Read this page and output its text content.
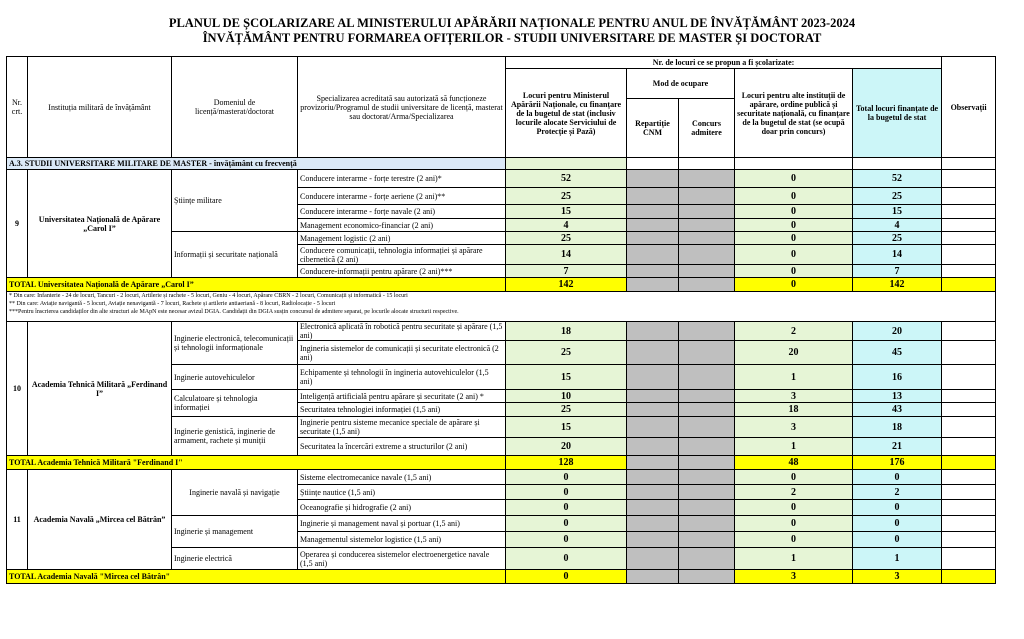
PLANUL DE ȘCOLARIZARE AL MINISTERULUI APĂRĂRII NAȚIONALE PENTRU ANUL DE ÎNVĂȚĂMÂNT 2023-2024
ÎNVĂȚĂMÂNT PENTRU FORMAREA OFIȚERILOR - STUDII UNIVERSITARE DE MASTER ȘI DOCTORAT
Nr. crt.	Instituția militară de învățământ	Domeniul de licență/masterat/doctorat	Specializarea acreditată sau autorizată să funcționeze provizoriu/Programul de studii universitare de licență, masterat sau doctorat/Arma/Specializarea	Nr. de locuri ce se propun a fi școlarizate:					Observații
				Locuri pentru Ministerul Apărării Naționale, cu finanțare de la bugetul de stat (inclusiv locurile alocate Serviciului de Protecție și Pază)	Mod de ocupare		Locuri pentru alte instituții de apărare, ordine publică și securitate națională, cu finanțare de la bugetul de stat (se ocupă doar prin concurs)	Total locuri finanțate de la bugetul de stat	
					Repartiție CNM	Concurs admitere			
A.3. STUDII UNIVERSITARE MILITARE DE MASTER - învățământ cu frecvență									
9	Universitatea Națională de Apărare „Carol I”	Științe militare	Conducere interarme - forțe terestre (2 ani)*	52			0	52	
			Conducere interarme - forțe aeriene (2 ani)**	25			0	25	
			Conducere interarme - forțe navale (2 ani)	15			0	15	
			Management economico-financiar (2 ani)	4			0	4	
		Informații și securitate națională	Management logistic (2 ani)	25			0	25	
			Conducere comunicații, tehnologia informației și apărare cibernetică (2 ani)	14			0	14	
			Conducere-informații pentru apărare (2 ani)***	7			0	7	
TOTAL Universitatea Națională de Apărare „Carol I”				142			0	142	

* Din care: Infanterie - 24 de locuri, Tancuri - 2 locuri, Artilerie și rachete - 5 locuri, Geniu - 4 locuri, Apărare CBRN - 2 locuri, Comunicații și informatică - 15 locuri
** Din care: Aviație navigantă - 5 locuri, Aviație nenavigantă - 7 locuri, Rachete și artilerie antiaeriană - 8 locuri, Radiolocație - 5 locuri
***Pentru înscrierea candidaților din alte structuri ale MApN este necesar avizul DGIA. Candidații din DGIA susțin concursul de admitere separat, pe locurile alocate structurii respective.									

10	Academia Tehnică Militară „Ferdinand I”	Inginerie electronică, telecomunicații și tehnologii informaționale	Electronică aplicată în robotică pentru securitate și apărare (1,5 ani)	18			2	20	
			Ingineria sistemelor de comunicații și securitate electronică (2 ani)	25			20	45	
		Inginerie autovehiculelor	Echipamente și tehnologii în ingineria autovehiculelor (1,5 ani)	15			1	16	
		Calculatoare și tehnologia informației	Inteligență artificială pentru apărare și securitate (2 ani) *	10			3	13	
			Securitatea tehnologiei informației (1,5 ani)	25			18	43	
		Inginerie genistică, inginerie de armament, rachete și muniții	Inginerie pentru sisteme mecanice speciale de apărare și securitate (1,5 ani)	15			3	18	
			Securitatea la încercări extreme a structurilor (2 ani)	20			1	21	
TOTAL Academia Tehnică Militară "Ferdinand I"				128			48	176	
11	Academia Navală „Mircea cel Bătrân”	Inginerie navală și navigație	Sisteme electromecanice navale (1,5 ani)	0			0	0	
			Științe nautice (1,5 ani)	0			2	2	
			Oceanografie și hidrografie (2 ani)	0			0	0	
		Inginerie și management	Inginerie și management naval și portuar (1,5 ani)	0			0	0	
			Managementul sistemelor logistice (1,5 ani)	0			0	0	
		Inginerie electrică	Operarea și conducerea sistemelor electroenergetice navale (1,5 ani)	0			1	1	
TOTAL Academia Navală "Mircea cel Bătrân"				0			3	3	
